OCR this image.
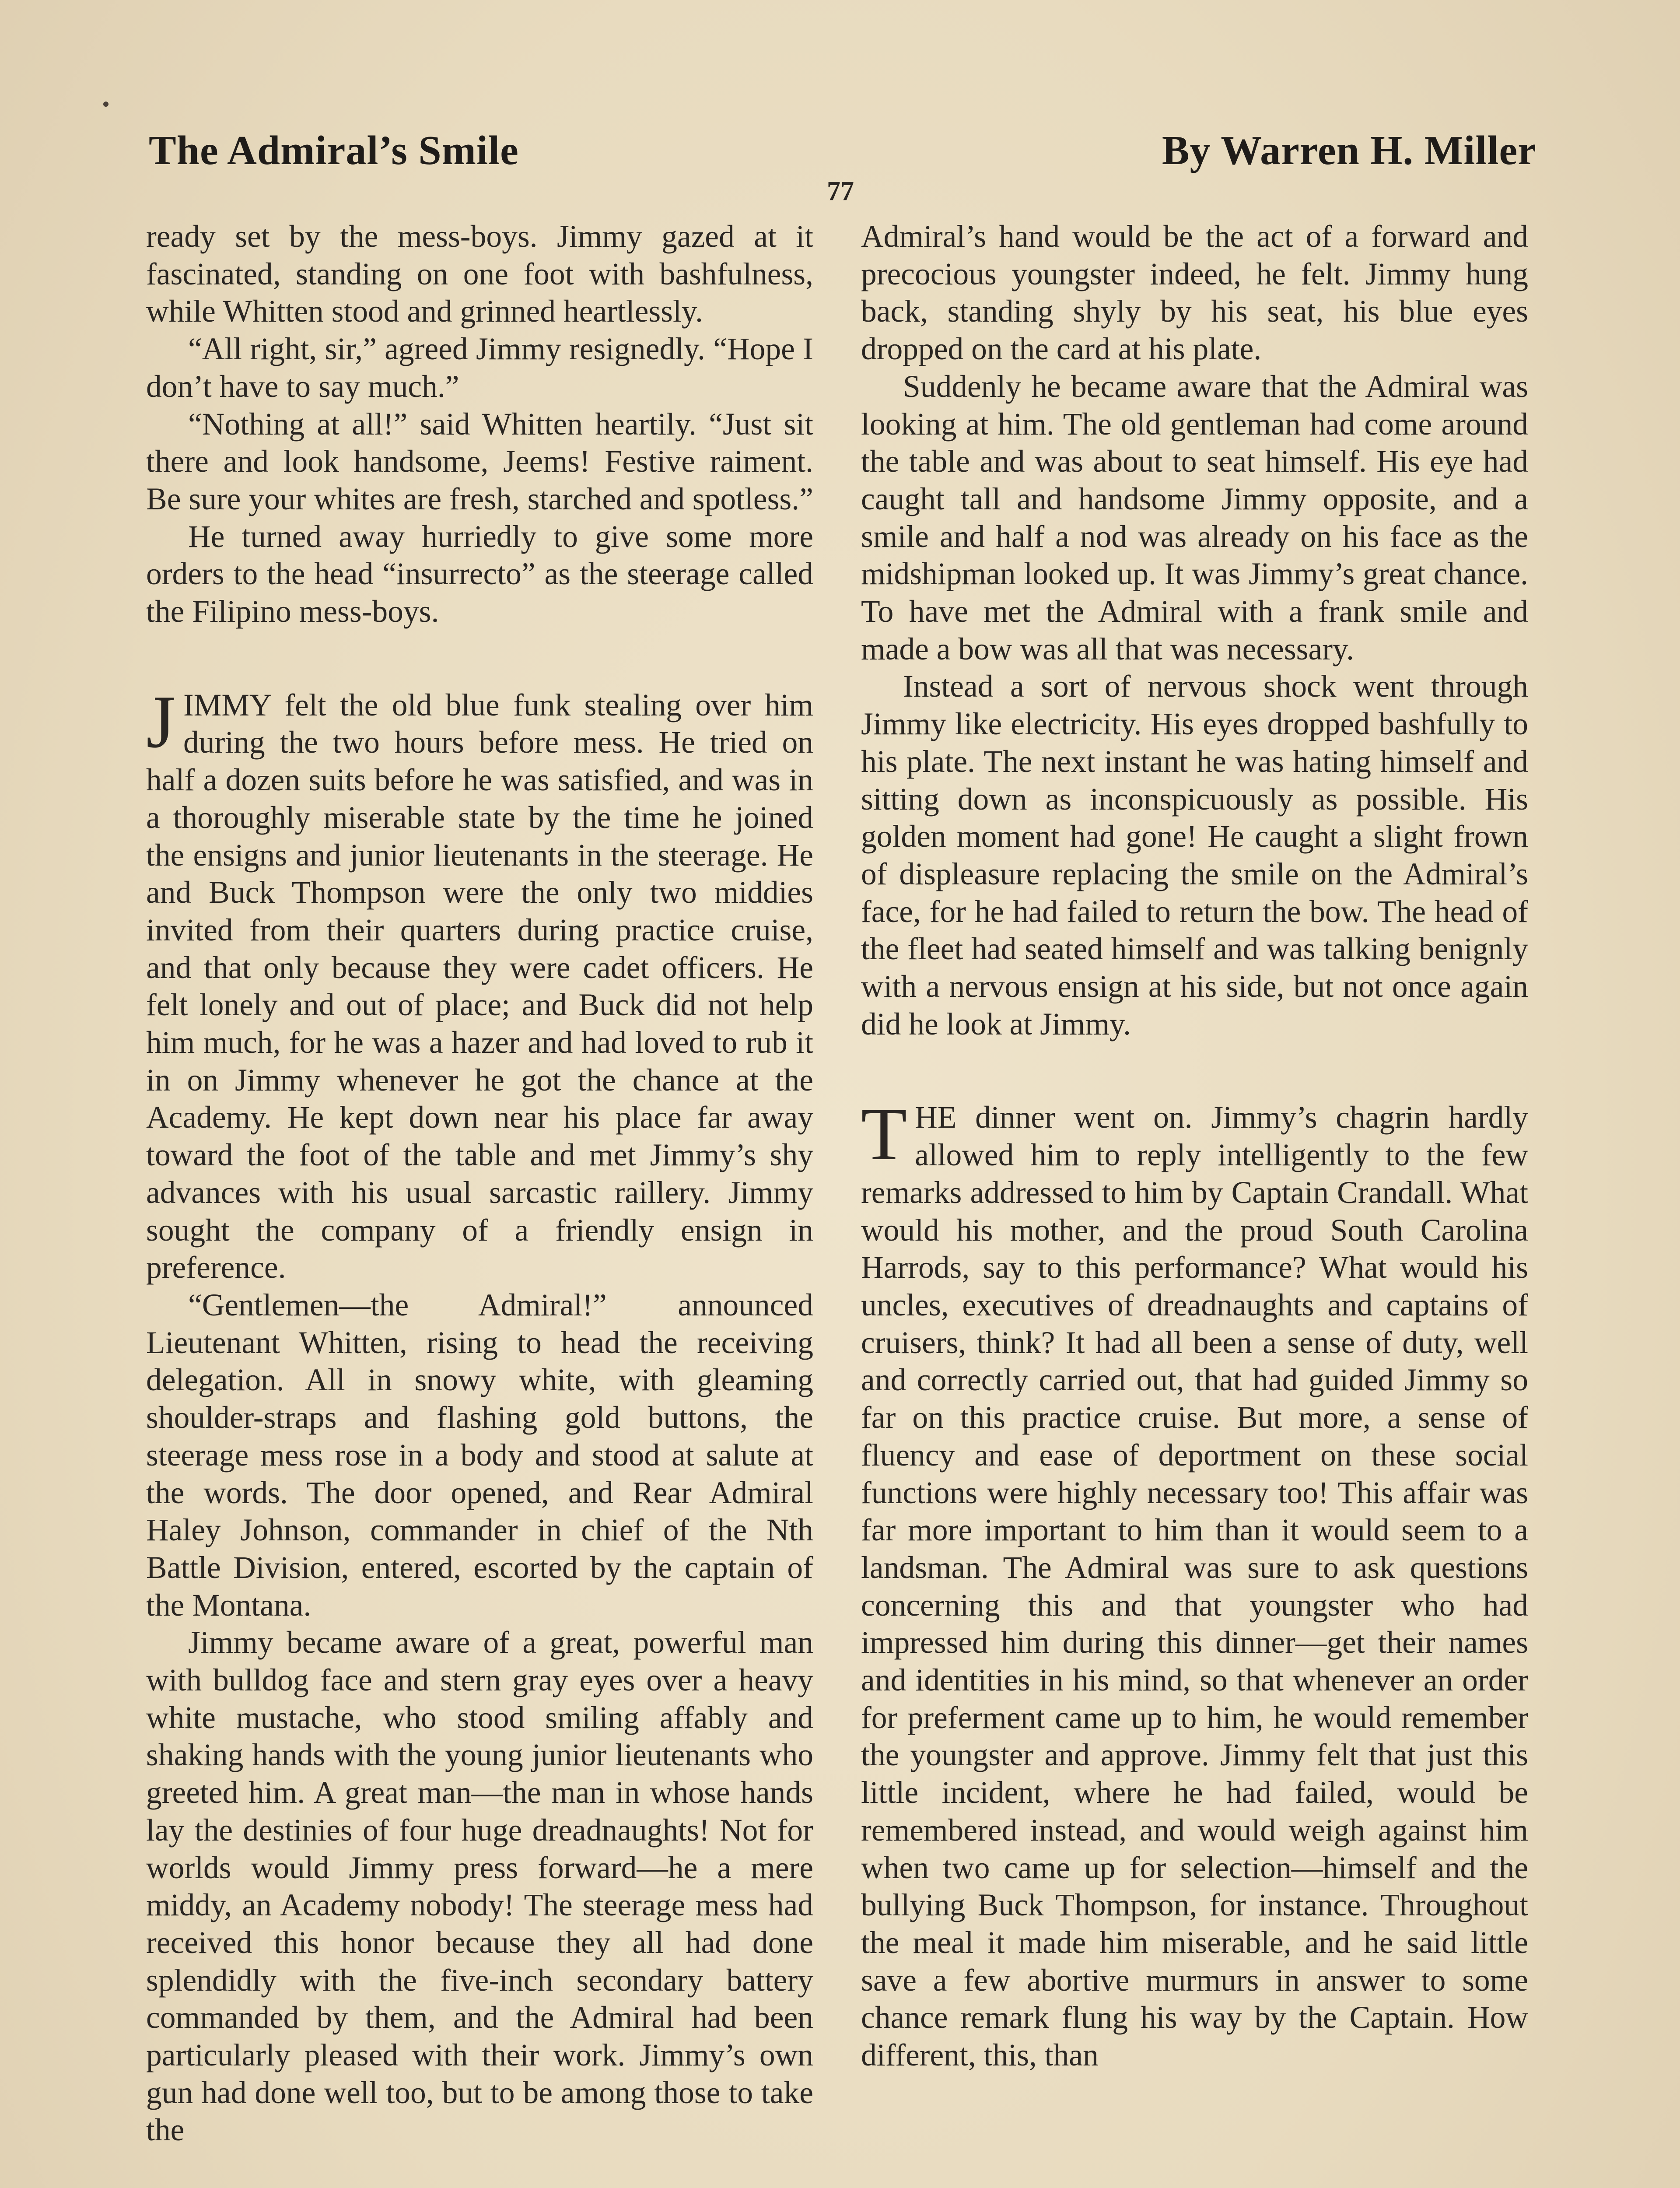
The Admiral’s Smile	By Warren H. Miller
77

ready set by the mess-boys. Jimmy gazed at it fascinated, standing on one foot with bashfulness, while Whitten stood and grinned heartlessly.

“All right, sir,” agreed Jimmy resignedly. “Hope I don’t have to say much.”

“Nothing at all!” said Whitten heartily. “Just sit there and look handsome, Jeems! Festive raiment. Be sure your whites are fresh, starched and spotless.”

He turned away hurriedly to give some more orders to the head “insurrecto” as the steerage called the Filipino mess-boys.

JIMMY felt the old blue funk stealing over him during the two hours before mess. He tried on half a dozen suits before he was satisfied, and was in a thoroughly miserable state by the time he joined the ensigns and junior lieutenants in the steerage. He and Buck Thompson were the only two middies invited from their quarters during practice cruise, and that only because they were cadet officers. He felt lonely and out of place; and Buck did not help him much, for he was a hazer and had loved to rub it in on Jimmy whenever he got the chance at the Academy. He kept down near his place far away toward the foot of the table and met Jimmy’s shy advances with his usual sarcastic raillery. Jimmy sought the company of a friendly ensign in preference.

“Gentlemen—the Admiral!” announced Lieutenant Whitten, rising to head the receiving delegation. All in snowy white, with gleaming shoulder-straps and flashing gold buttons, the steerage mess rose in a body and stood at salute at the words. The door opened, and Rear Admiral Haley Johnson, commander in chief of the Nth Battle Division, entered, escorted by the captain of the Montana.

Jimmy became aware of a great, powerful man with bulldog face and stern gray eyes over a heavy white mustache, who stood smiling affably and shaking hands with the young junior lieutenants who greeted him. A great man—the man in whose hands lay the destinies of four huge dreadnaughts! Not for worlds would Jimmy press forward—he a mere middy, an Academy nobody! The steerage mess had received this honor because they all had done splendidly with the five-inch secondary battery commanded by them, and the Admiral had been particularly pleased with their work. Jimmy’s own gun had done well too, but to be among those to take the

Admiral’s hand would be the act of a forward and precocious youngster indeed, he felt. Jimmy hung back, standing shyly by his seat, his blue eyes dropped on the card at his plate.

Suddenly he became aware that the Admiral was looking at him. The old gentleman had come around the table and was about to seat himself. His eye had caught tall and handsome Jimmy opposite, and a smile and half a nod was already on his face as the midshipman looked up. It was Jimmy’s great chance. To have met the Admiral with a frank smile and made a bow was all that was necessary.

Instead a sort of nervous shock went through Jimmy like electricity. His eyes dropped bashfully to his plate. The next instant he was hating himself and sitting down as inconspicuously as possible. His golden moment had gone! He caught a slight frown of displeasure replacing the smile on the Admiral’s face, for he had failed to return the bow. The head of the fleet had seated himself and was talking benignly with a nervous ensign at his side, but not once again did he look at Jimmy.

THE dinner went on. Jimmy’s chagrin hardly allowed him to reply intelligently to the few remarks addressed to him by Captain Crandall. What would his mother, and the proud South Carolina Harrods, say to this performance? What would his uncles, executives of dreadnaughts and captains of cruisers, think? It had all been a sense of duty, well and correctly carried out, that had guided Jimmy so far on this practice cruise. But more, a sense of fluency and ease of deportment on these social functions were highly necessary too! This affair was far more important to him than it would seem to a landsman. The Admiral was sure to ask questions concerning this and that youngster who had impressed him during this dinner—get their names and identities in his mind, so that whenever an order for preferment came up to him, he would remember the youngster and approve. Jimmy felt that just this little incident, where he had failed, would be remembered instead, and would weigh against him when two came up for selection—himself and the bullying Buck Thompson, for instance. Throughout the meal it made him miserable, and he said little save a few abortive murmurs in answer to some chance remark flung his way by the Captain. How different, this, than
